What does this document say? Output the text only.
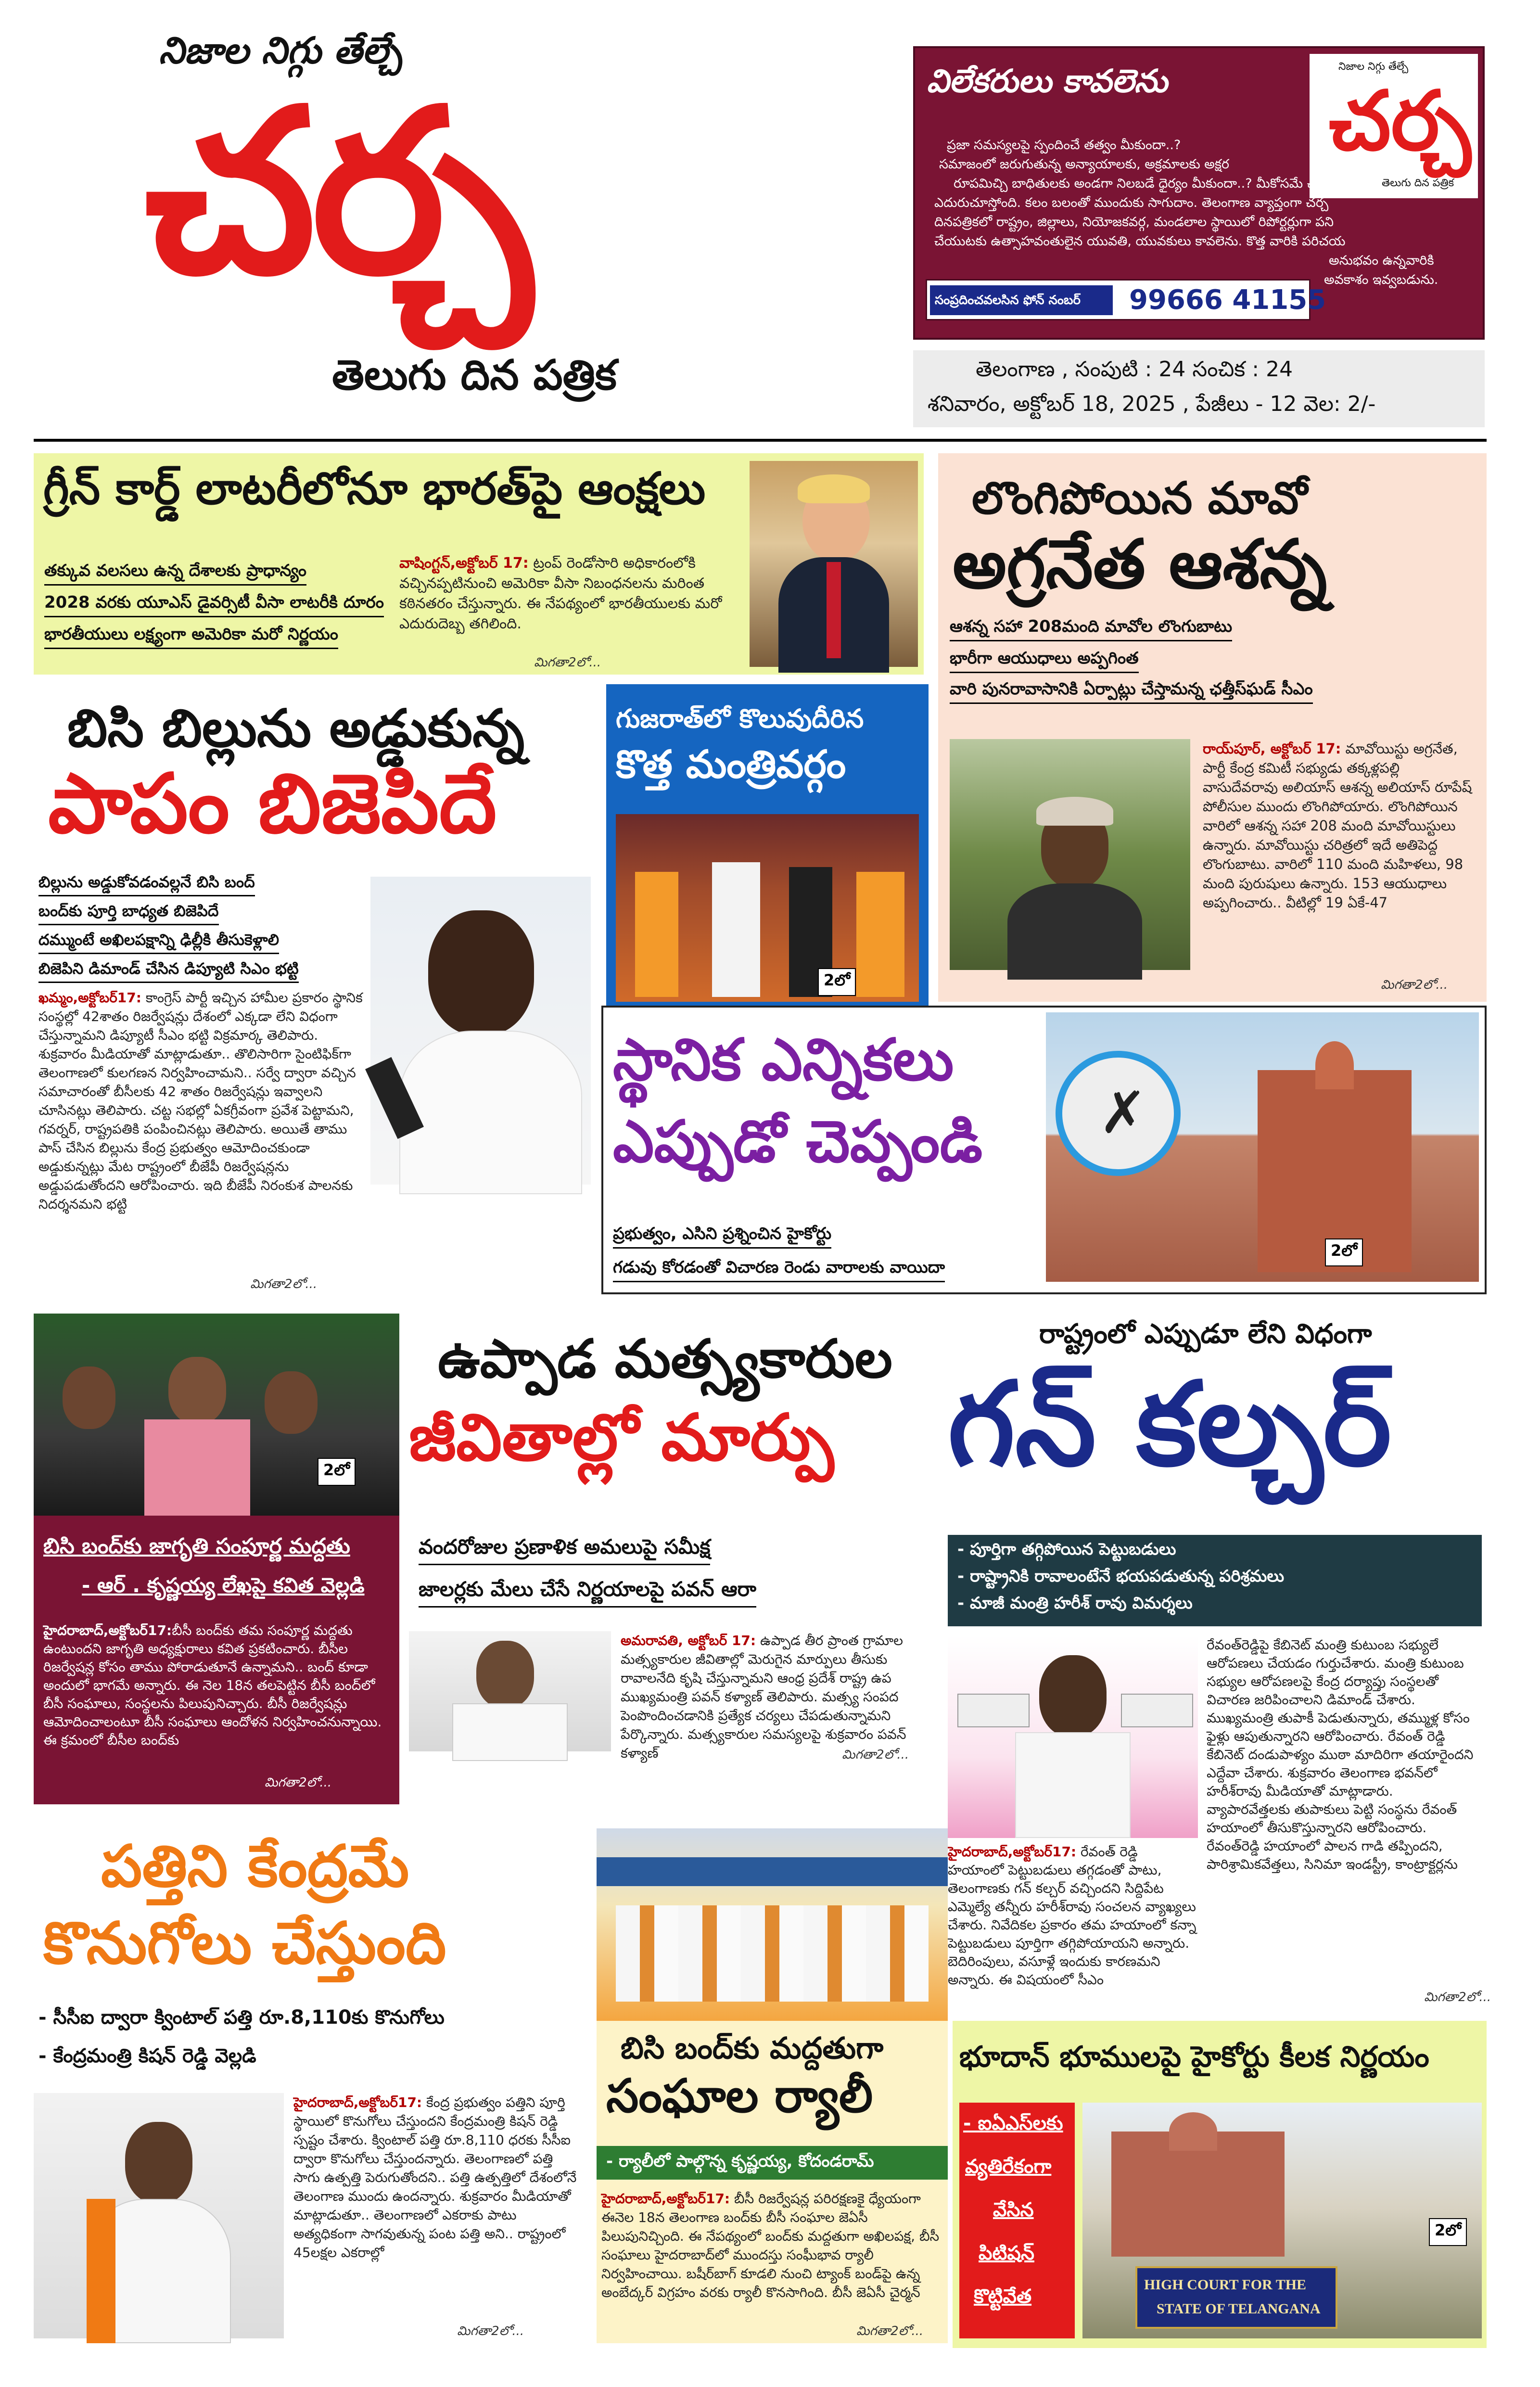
నిజాల నిగ్గు తేల్చే
చర్చ
తెలుగు దిన పత్రిక
విలేకరులు కావలెను	నిజాల నిగ్గు తేల్చే
చర్చ
తెలుగు దిన పత్రిక
ప్రజా సమస్యలపై స్పందించే తత్వం మీకుందా..?
సమాజంలో జరుగుతున్న అన్యాయాలకు, అక్రమాలకు అక్షర
రూపమిచ్చి బాధితులకు అండగా నిలబడే ధైర్యం మీకుందా..? మీకోసమే చర్చ
ఎదురుచూస్తోంది. కలం బలంతో ముందుకు సాగుదాం. తెలంగాణ వ్యాప్తంగా చర్చ
దినపత్రికలో రాష్ట్రం, జిల్లాలు, నియోజకవర్గ, మండలాల స్థాయిలో రిపోర్టర్లుగా పని
చేయుటకు ఉత్సాహవంతులైన యువతి, యువకులు కావలెను. కొత్త వారికి పరిచయ
అనుభవం ఉన్నవారికి
అవకాశం ఇవ్వబడును.
సంప్రదించవలసిన ఫోన్ నంబర్	99666 41155
తెలంగాణ , సంపుటి : 24 సంచిక : 24
శనివారం, అక్టోబర్ 18, 2025 , పేజీలు - 12 వెల: 2/-
గ్రీన్ కార్డ్ లాటరీలోనూ భారత్‌పై ఆంక్షలు
తక్కువ వలసలు ఉన్న దేశాలకు ప్రాధాన్యం
2028 వరకు యూఎస్ డైవర్సిటీ వీసా లాటరీకి దూరం
భారతీయులు లక్ష్యంగా అమెరికా మరో నిర్ణయం
వాషింగ్టన్,అక్టోబర్ 17: ట్రంప్ రెండోసారి అధికారంలోకి వచ్చినప్పటినుంచి అమెరికా వీసా నిబంధనలను మరింత కఠినతరం చేస్తున్నారు. ఈ నేపథ్యంలో భారతీయులకు మరో ఎదురుదెబ్బ తగిలింది.
మిగతా2లో...
లొంగిపోయిన మావో
అగ్రనేత ఆశన్న
ఆశన్న సహా 208మంది మావోల లొంగుబాటు
భారీగా ఆయుధాలు అప్పగింత
వారి పునరావాసానికి ఏర్పాట్లు చేస్తామన్న ఛత్తీస్‌ఘడ్ సీఎం
రాయ్‌పూర్, అక్టోబర్ 17: మావోయిస్టు అగ్రనేత, పార్టీ కేంద్ర కమిటీ సభ్యుడు తక్కళ్లపల్లి వాసుదేవరావు అలియాస్ ఆశన్న అలియాస్ రూపేష్ పోలీసుల ముందు లొంగిపోయారు. లొంగిపోయిన వారిలో ఆశన్న సహా 208 మంది మావోయిస్టులు ఉన్నారు. మావోయిస్టు చరిత్రలో ఇదే అతిపెద్ద లొంగుబాటు. వారిలో 110 మంది మహిళలు, 98 మంది పురుషులు ఉన్నారు. 153 ఆయుధాలు అప్పగించారు.. వీటిల్లో 19 ఏకే-47
మిగతా2లో...
బిసి బిల్లును అడ్డుకున్న
పాపం బిజెపిదే
బిల్లును అడ్డుకోవడంవల్లనే బిసి బంద్
బంద్‌కు పూర్తి బాధ్యత బిజెపిదే
దమ్ముంటే అఖిలపక్షాన్ని ఢిల్లీకి తీసుకెళ్లాలి
బిజెపిని డిమాండ్ చేసిన డిప్యూటి సిఎం భట్టి
ఖమ్మం,అక్టోబర్17: కాంగ్రెస్ పార్టీ ఇచ్చిన హామీల ప్రకారం స్థానిక సంస్థల్లో 42శాతం రిజర్వేషన్లు దేశంలో ఎక్కడా లేని విధంగా చేస్తున్నామని డిప్యూటీ సీఎం భట్టి విక్రమార్క తెలిపారు. శుక్రవారం మీడియాతో మాట్లాడుతూ.. తొలిసారిగా సైంటిఫిక్‌గా తెలంగాణలో కులగణన నిర్వహించామని.. సర్వే ద్వారా వచ్చిన సమాచారంతో బీసీలకు 42 శాతం రిజర్వేషన్లు ఇవ్వాలని చూసినట్లు తెలిపారు. చట్ట సభల్లో ఏకగ్రీవంగా ప్రవేశ పెట్టామని, గవర్నర్, రాష్ట్రపతికి పంపించినట్లు తెలిపారు. అయితే తాము పాస్ చేసిన బిల్లును కేంద్ర ప్రభుత్వం ఆమోదించకుండా అడ్డుకున్నట్లు మేట రాష్ట్రంలో బీజేపీ రిజర్వేషన్లను అడ్డుపడుతోందని ఆరోపించారు. ఇది బీజేపీ నిరంకుశ పాలనకు నిదర్శనమని భట్టి
మిగతా2లో...
గుజరాత్‌లో కొలువుదీరిన
కొత్త మంత్రివర్గం
2లో
స్థానిక ఎన్నికలు
ఎప్పుడో చెప్పండి
ప్రభుత్వం, ఎసిని ప్రశ్నించిన హైకోర్టు
గడువు కోరడంతో విచారణ రెండు వారాలకు వాయిదా
✗
2లో
2లో
బిసి బంద్‌కు జాగృతి సంపూర్ణ మద్దతు
- ఆర్ . కృష్ణయ్య లేఖపై కవిత వెల్లడి
హైదరాబాద్,అక్టోబర్17:బీసీ బంద్‌కు తమ సంపూర్ణ మద్దతు ఉంటుందని జాగృతి అధ్యక్షురాలు కవిత ప్రకటించారు. బీసీల రిజర్వేషన్ల కోసం తాము పోరాడుతూనే ఉన్నామని.. బంద్ కూడా అందులో భాగమే అన్నారు. ఈ నెల 18న తలపెట్టిన బీసీ బంద్‌లో బీసీ సంఘాలు, సంస్థలను పిలుపునిచ్చారు. బీసీ రిజర్వేషన్లు ఆమోదించాలంటూ బీసీ సంఘాలు ఆందోళన నిర్వహించనున్నాయి. ఈ క్రమంలో బీసీల బంద్‌కు
మిగతా2లో...
ఉప్పాడ మత్స్యకారుల
జీవితాల్లో మార్పు
వందరోజుల ప్రణాళిక అమలుపై సమీక్ష
జాలర్లకు మేలు చేసే నిర్ణయాలపై పవన్ ఆరా
అమరావతి, అక్టోబర్ 17: ఉప్పాడ తీర ప్రాంత గ్రామాల మత్స్యకారుల జీవితాల్లో మెరుగైన మార్పులు తీసుకు రావాలనేది కృషి చేస్తున్నామని ఆంధ్ర ప్రదేశ్ రాష్ట్ర ఉప ముఖ్యమంత్రి పవన్ కళ్యాణ్ తెలిపారు. మత్స్య సంపద పెంపొందించడానికి ప్రత్యేక చర్యలు చేపడుతున్నామని పేర్కొన్నారు. మత్స్యకారుల సమస్యలపై శుక్రవారం పవన్ కళ్యాణ్	మిగతా2లో...
రాష్ట్రంలో ఎప్పుడూ లేని విధంగా
గన్ కల్చర్
- పూర్తిగా తగ్గిపోయిన పెట్టుబడులు
- రాష్ట్రానికి రావాలంటేనే భయపడుతున్న పరిశ్రమలు
- మాజీ మంత్రి హరీశ్ రావు విమర్శలు
రేవంత్‌రెడ్డిపై కేబినెట్ మంత్రి కుటుంబ సభ్యులే ఆరోపణలు చేయడం గుర్తుచేశారు. మంత్రి కుటుంబ సభ్యుల ఆరోపణలపై కేంద్ర దర్యాప్తు సంస్థలతో విచారణ జరిపించాలని డిమాండ్ చేశారు. ముఖ్యమంత్రి తుపాకీ పెడుతున్నారు, తమ్ముళ్ల కోసం ఫైళ్లు ఆపుతున్నారని ఆరోపించారు. రేవంత్ రెడ్డి కేబినెట్ దండుపాళ్యం ముఠా మాదిరిగా తయారైందని ఎద్దేవా చేశారు. శుక్రవారం తెలంగాణ భవన్‌లో హరీశ్‌రావు మీడియాతో మాట్లాడారు. వ్యాపారవేత్తలకు తుపాకులు పెట్టి సంస్థను రేవంత్ హయాంలో తీసుకొస్తున్నారని ఆరోపించారు. రేవంత్‌రెడ్డి హయాంలో పాలన గాడి తప్పిందని, పారిశ్రామికవేత్తలు, సినిమా ఇండస్ట్రీ, కాంట్రాక్టర్లను
హైదరాబాద్,అక్టోబర్17: రేవంత్ రెడ్డి హయాంలో పెట్టుబడులు తగ్గడంతో పాటు, తెలంగాణకు గన్ కల్చర్ వచ్చిందని సిద్దిపేట ఎమ్మెల్యే తన్నీరు హరీశ్‌రావు సంచలన వ్యాఖ్యలు చేశారు. నివేదికల ప్రకారం తమ హయాంలో కన్నా పెట్టుబడులు పూర్తిగా తగ్గిపోయాయని అన్నారు. బెదిరింపులు, వసూళ్లే ఇందుకు కారణమని అన్నారు. ఈ విషయంలో సీఎం
మిగతా2లో...
పత్తిని కేంద్రమే
కొనుగోలు చేస్తుంది
- సీసీఐ ద్వారా క్వింటాల్ పత్తి రూ.8,110కు కొనుగోలు
- కేంద్రమంత్రి కిషన్ రెడ్డి వెల్లడి
హైదరాబాద్,అక్టోబర్17: కేంద్ర ప్రభుత్వం పత్తిని పూర్తి స్థాయిలో కొనుగోలు చేస్తుందని కేంద్రమంత్రి కిషన్ రెడ్డి స్పష్టం చేశారు. క్వింటాల్ పత్తి రూ.8,110 ధరకు సీసీఐ ద్వారా కొనుగోలు చేస్తుందన్నారు. తెలంగాణలో పత్తి సాగు ఉత్పత్తి పెరుగుతోందని.. పత్తి ఉత్పత్తిలో దేశంలోనే తెలంగాణ ముందు ఉందన్నారు. శుక్రవారం మీడియాతో మాట్లాడుతూ.. తెలంగాణలో ఎకరాకు పాటు అత్యధికంగా సాగవుతున్న పంట పత్తి అని.. రాష్ట్రంలో 45లక్షల ఎకరాల్లో
మిగతా2లో...
బిసి బంద్‌కు మద్దతుగా
సంఘాల ర్యాలీ
- ర్యాలీలో పాల్గొన్న కృష్ణయ్య, కోదండరామ్
హైదరాబాద్,అక్టోబర్17: బీసీ రిజర్వేషన్ల పరిరక్షణకై ధ్యేయంగా ఈనెల 18న తెలంగాణ బంద్‌కు బీసీ సంఘాల జెఏసీ పిలుపునిచ్చింది. ఈ నేపథ్యంలో బంద్‌కు మద్దతుగా అఖిలపక్ష, బీసీ సంఘాలు హైదరాబాద్‌లో ముందస్తు సంఘీభావ ర్యాలీ నిర్వహించాయి. బషీర్‌బాగ్ కూడలి నుంచి ట్యాంక్ బండ్‌పై ఉన్న అంబేద్కర్ విగ్రహం వరకు ర్యాలీ కొనసాగింది. బీసీ జెఏసీ చైర్మన్
మిగతా2లో...
భూదాన్ భూములపై హైకోర్టు కీలక నిర్ణయం
- ఐఏఎస్‌లకు
వ్యతిరేకంగా
వేసిన
పిటిషన్
కొట్టివేత
HIGH COURT FOR THE
STATE OF TELANGANA
2లో
